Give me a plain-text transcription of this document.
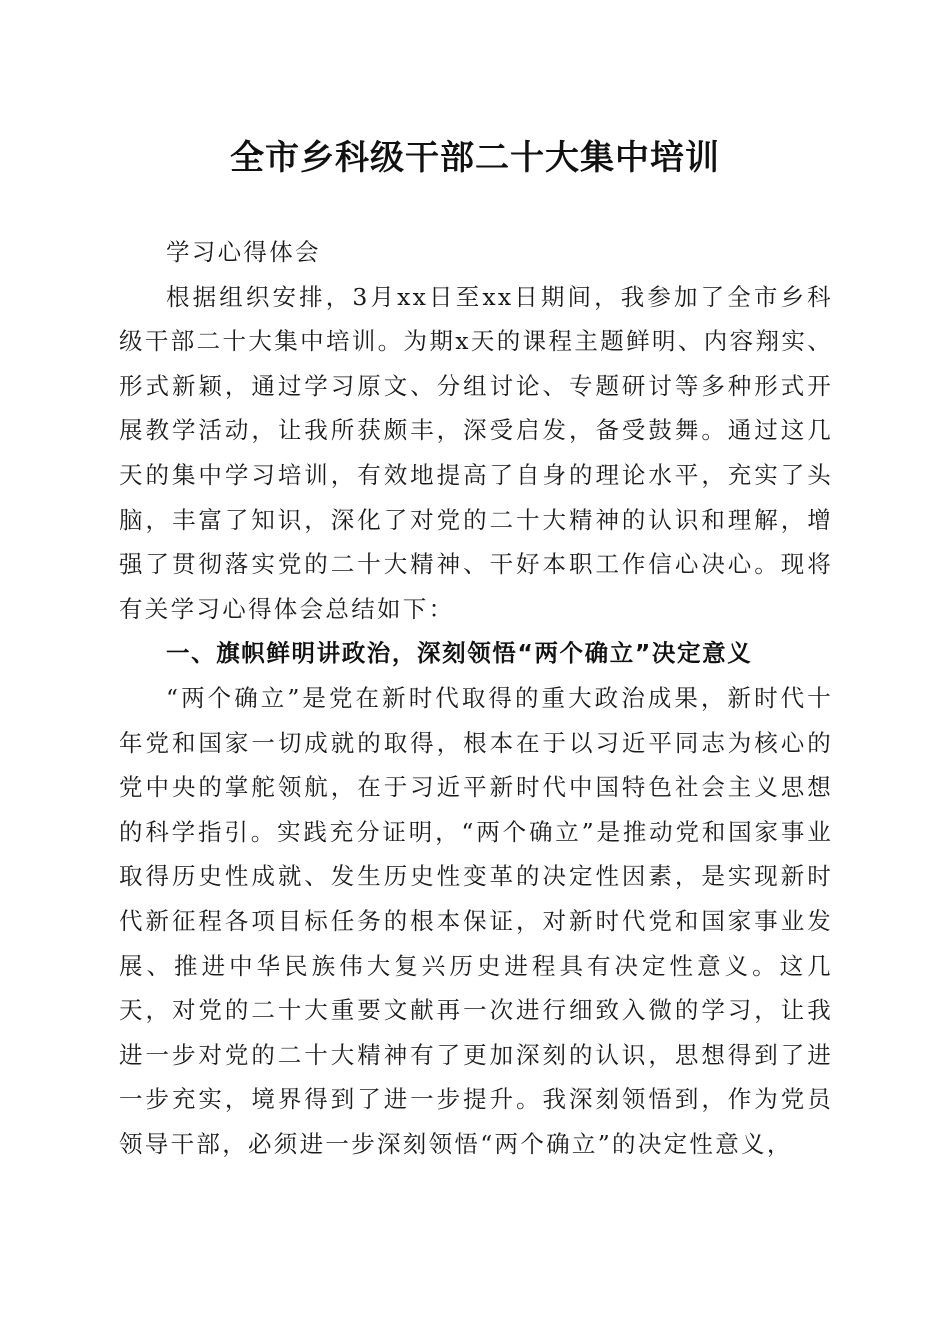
全市乡科级干部二十大集中培训

学习心得体会

根据组织安排，3月xx日至xx日期间，我参加了全市乡科级干部二十大集中培训。为期x天的课程主题鲜明、内容翔实、形式新颖，通过学习原文、分组讨论、专题研讨等多种形式开展教学活动，让我所获颇丰，深受启发，备受鼓舞。通过这几天的集中学习培训，有效地提高了自身的理论水平，充实了头脑，丰富了知识，深化了对党的二十大精神的认识和理解，增强了贯彻落实党的二十大精神、干好本职工作信心决心。现将有关学习心得体会总结如下：

一、旗帜鲜明讲政治，深刻领悟“两个确立”决定意义

“两个确立”是党在新时代取得的重大政治成果，新时代十年党和国家一切成就的取得，根本在于以习近平同志为核心的党中央的掌舵领航，在于习近平新时代中国特色社会主义思想的科学指引。实践充分证明，“两个确立”是推动党和国家事业取得历史性成就、发生历史性变革的决定性因素，是实现新时代新征程各项目标任务的根本保证，对新时代党和国家事业发展、推进中华民族伟大复兴历史进程具有决定性意义。这几天，对党的二十大重要文献再一次进行细致入微的学习，让我进一步对党的二十大精神有了更加深刻的认识，思想得到了进一步充实，境界得到了进一步提升。我深刻领悟到，作为党员领导干部，必须进一步深刻领悟“两个确立”的决定性意义，
